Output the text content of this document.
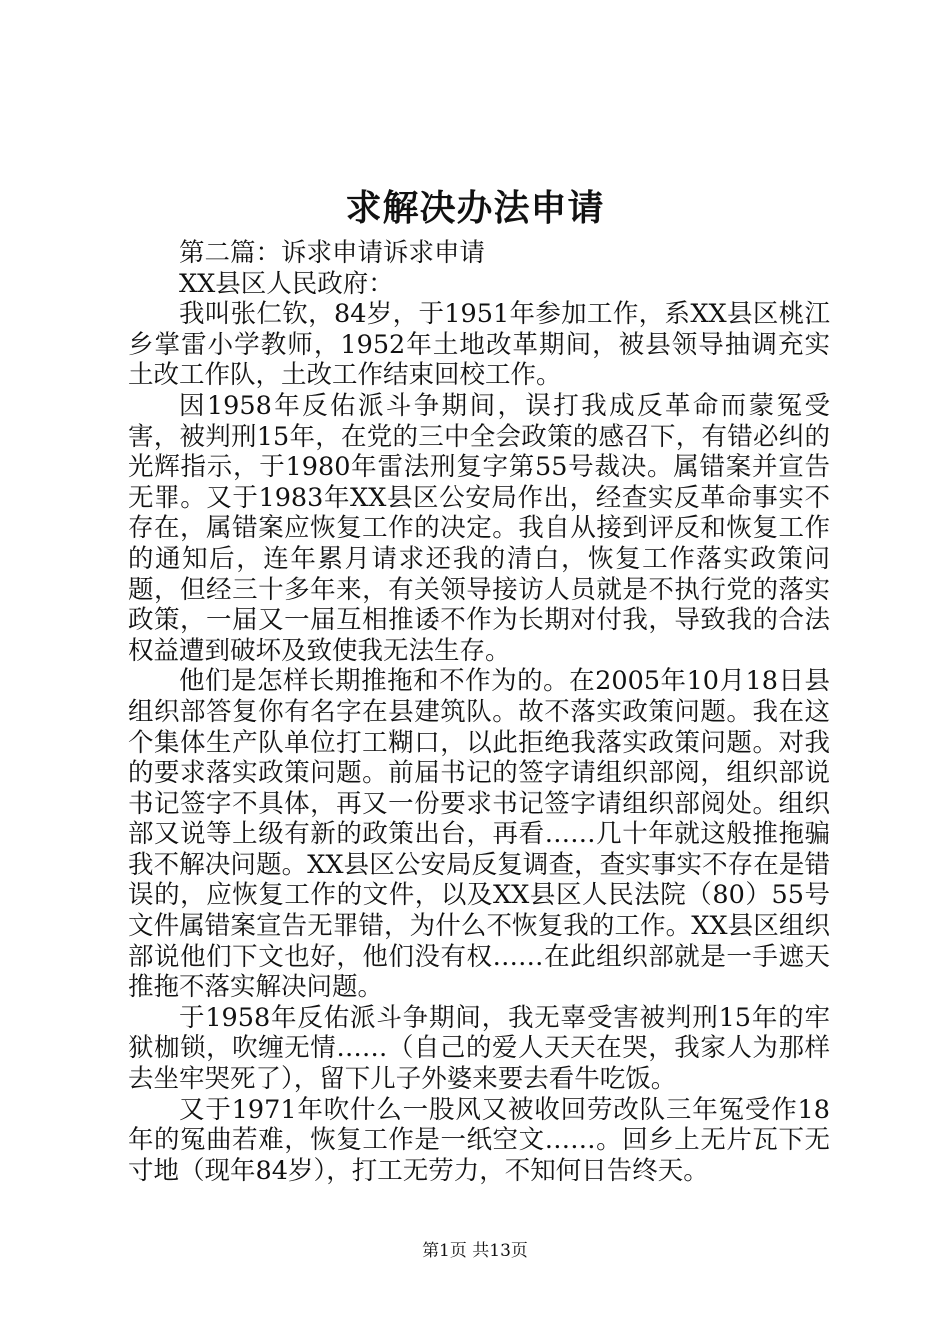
求解决办法申请

第二篇：诉求申请诉求申请

XX县区人民政府：

我叫张仁钦，84岁，于1951年参加工作，系XX县区桃江乡掌雷小学教师，1952年土地改革期间，被县领导抽调充实土改工作队，土改工作结束回校工作。

因1958年反佑派斗争期间，误打我成反革命而蒙冤受害，被判刑15年，在党的三中全会政策的感召下，有错必纠的光辉指示，于1980年雷法刑复字第55号裁决。属错案并宣告无罪。又于1983年XX县区公安局作出，经查实反革命事实不存在，属错案应恢复工作的决定。我自从接到评反和恢复工作的通知后，连年累月请求还我的清白，恢复工作落实政策问题，但经三十多年来，有关领导接访人员就是不执行党的落实政策，一届又一届互相推诿不作为长期对付我，导致我的合法权益遭到破坏及致使我无法生存。

他们是怎样长期推拖和不作为的。在2005年10月18日县组织部答复你有名字在县建筑队。故不落实政策问题。我在这个集体生产队单位打工糊口，以此拒绝我落实政策问题。对我的要求落实政策问题。前届书记的签字请组织部阅，组织部说书记签字不具体，再又一份要求书记签字请组织部阅处。组织部又说等上级有新的政策出台，再看……几十年就这般推拖骗我不解决问题。XX县区公安局反复调查，查实事实不存在是错误的，应恢复工作的文件，以及XX县区人民法院（80）55号文件属错案宣告无罪错，为什么不恢复我的工作。XX县区组织部说他们下文也好，他们没有权……在此组织部就是一手遮天推拖不落实解决问题。

于1958年反佑派斗争期间，我无辜受害被判刑15年的牢狱枷锁，吹缠无情……（自己的爱人天天在哭，我家人为那样去坐牢哭死了），留下儿子外婆来要去看牛吃饭。

又于1971年吹什么一股风又被收回劳改队三年冤受作18年的冤曲若难，恢复工作是一纸空文……。回乡上无片瓦下无寸地（现年84岁），打工无劳力，不知何日告终天。

第1页 共13页
